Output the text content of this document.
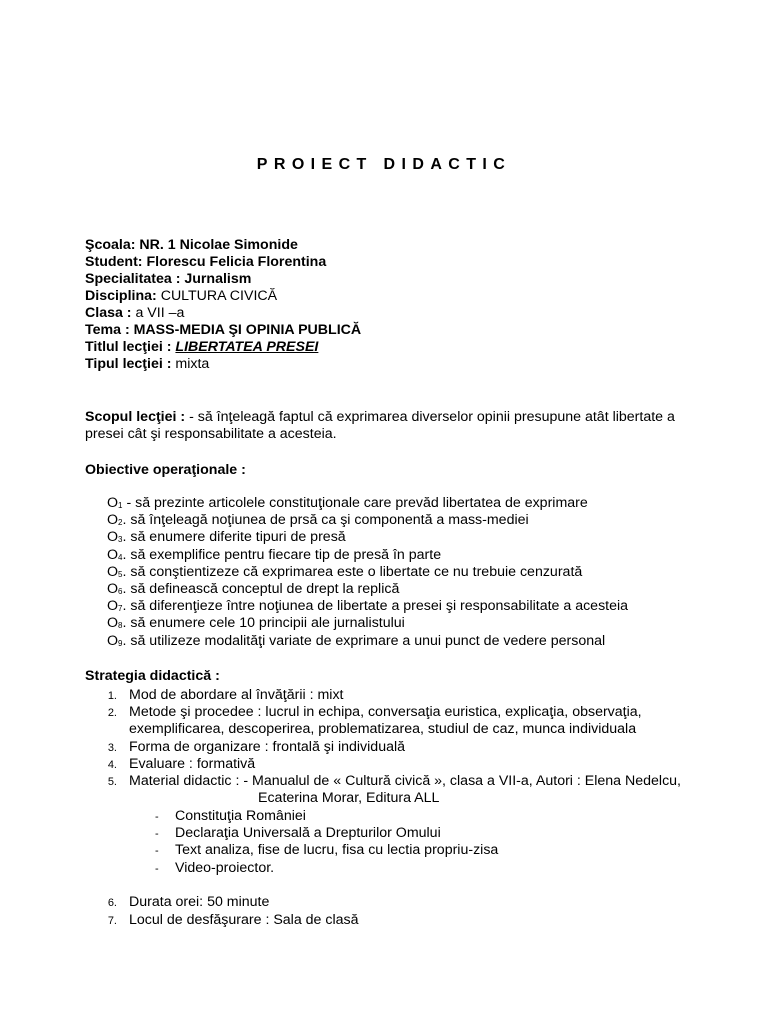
PROIECT DIDACTIC
Şcoala: NR. 1 Nicolae Simonide
Student: Florescu Felicia Florentina
Specialitatea : Jurnalism
Disciplina: CULTURA CIVICĂ
Clasa : a VII –a
Tema : MASS-MEDIA ŞI OPINIA PUBLICĂ
Titlul lecţiei : LIBERTATEA PRESEI
Tipul lecţiei : mixta
Scopul lecţiei : - să înţeleagă faptul că exprimarea diverselor opinii presupune atât libertate a
presei cât şi responsabilitate a acesteia.
Obiective operaţionale :
$O_1$ - să prezinte articolele constituţionale care prevăd libertatea de exprimare
$O_2$. să înţeleagă noţiunea de prsă ca şi componentă a mass-mediei
$O_3$. să enumere diferite tipuri de presă
$O_4$. să exemplifice pentru fiecare tip de presă în parte
$O_5$. să conştientizeze că exprimarea este o libertate ce nu trebuie cenzurată
$O_6$. să definească conceptul de drept la replică
$O_7$. să diferenţieze între noţiunea de libertate a presei şi responsabilitate a acesteia
$O_8$. să enumere cele 10 principii ale jurnalistului
$O_9$. să utilizeze modalităţi variate de exprimare a unui punct de vedere personal
Strategia didactică :
1. Mod de abordare al învăţării : mixt
2. Metode şi procedee : lucrul in echipa, conversaţia euristica, explicaţia, observaţia,
exemplificarea, descoperirea, problematizarea, studiul de caz, munca individuala
3. Forma de organizare : frontală şi individuală
4. Evaluare : formativă
5. Material didactic : - Manualul de « Cultură civică », clasa a VII-a, Autori : Elena Nedelcu,
Ecaterina Morar, Editura ALL
- Constituţia României
- Declaraţia Universală a Drepturilor Omului
- Text analiza, fise de lucru, fisa cu lectia propriu-zisa
- Video-proiector.
6. Durata orei: 50 minute
7. Locul de desfăşurare : Sala de clasă
